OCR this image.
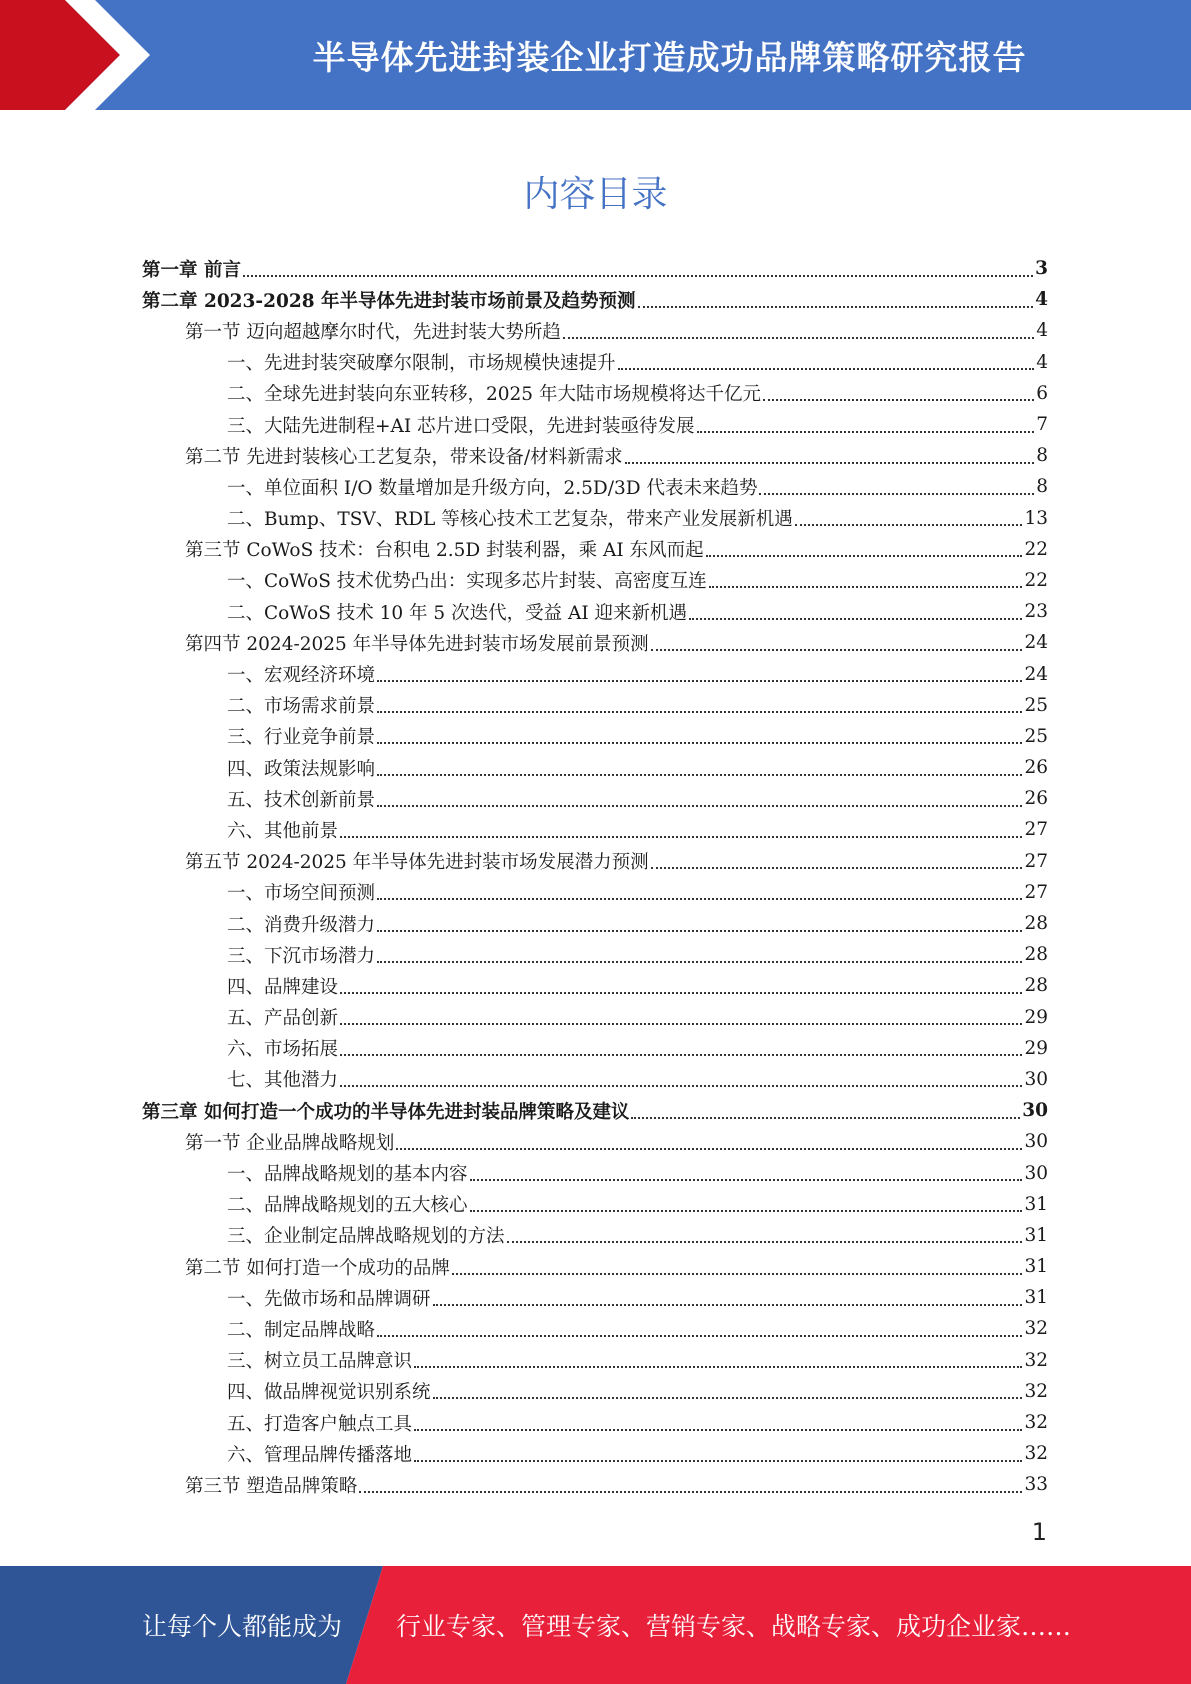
半导体先进封装企业打造成功品牌策略研究报告
内容目录
第一章 前言	3
第二章 2023-2028 年半导体先进封装市场前景及趋势预测	4
第一节 迈向超越摩尔时代，先进封装大势所趋	4
一、先进封装突破摩尔限制，市场规模快速提升	4
二、全球先进封装向东亚转移，2025 年大陆市场规模将达千亿元	6
三、大陆先进制程+AI 芯片进口受限，先进封装亟待发展	7
第二节 先进封装核心工艺复杂，带来设备/材料新需求	8
一、单位面积 I/O 数量增加是升级方向，2.5D/3D 代表未来趋势	8
二、Bump、TSV、RDL 等核心技术工艺复杂，带来产业发展新机遇	13
第三节 CoWoS 技术：台积电 2.5D 封装利器，乘 AI 东风而起	22
一、CoWoS 技术优势凸出：实现多芯片封装、高密度互连	22
二、CoWoS 技术 10 年 5 次迭代，受益 AI 迎来新机遇	23
第四节 2024-2025 年半导体先进封装市场发展前景预测	24
一、宏观经济环境	24
二、市场需求前景	25
三、行业竞争前景	25
四、政策法规影响	26
五、技术创新前景	26
六、其他前景	27
第五节 2024-2025 年半导体先进封装市场发展潜力预测	27
一、市场空间预测	27
二、消费升级潜力	28
三、下沉市场潜力	28
四、品牌建设	28
五、产品创新	29
六、市场拓展	29
七、其他潜力	30
第三章 如何打造一个成功的半导体先进封装品牌策略及建议	30
第一节 企业品牌战略规划	30
一、品牌战略规划的基本内容	30
二、品牌战略规划的五大核心	31
三、企业制定品牌战略规划的方法	31
第二节 如何打造一个成功的品牌	31
一、先做市场和品牌调研	31
二、制定品牌战略	32
三、树立员工品牌意识	32
四、做品牌视觉识别系统	32
五、打造客户触点工具	32
六、管理品牌传播落地	32
第三节 塑造品牌策略	33
1
让每个人都能成为 行业专家、管理专家、营销专家、战略专家、成功企业家……
